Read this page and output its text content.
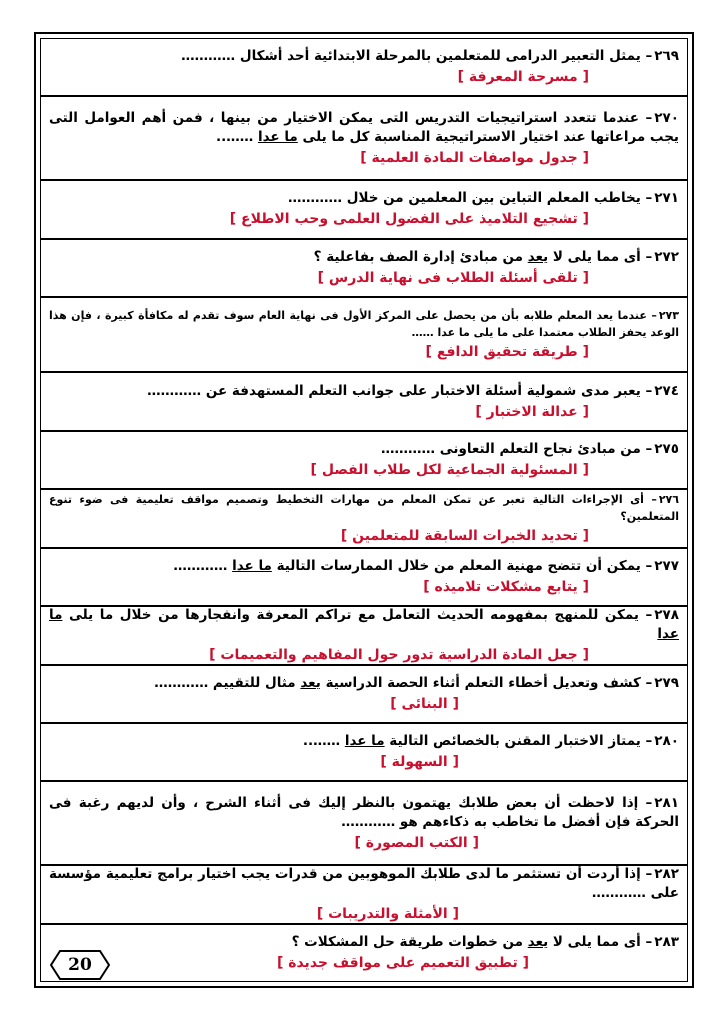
٢٦٩– يمثل التعبير الدرامى للمتعلمين بالمرحلة الابتدائية أحد أشكال …………
[ مسرحة المعرفة ]
٢٧٠– عندما تتعدد استراتيجيات التدريس التى يمكن الاختيار من بينها ، فمن أهم العوامل التى يجب مراعاتها عند اختيار الاستراتيجية المناسبة كل ما يلى ما عدا ……..
[ جدول مواصفات المادة العلمية ]
٢٧١– يخاطب المعلم التباين بين المعلمين من خلال …………
[ تشجيع التلاميذ على الفضول العلمى وحب الاطلاع ]
٢٧٢– أى مما يلى لا يعد من مبادئ إدارة الصف بفاعلية ؟
[ تلقى أسئلة الطلاب فى نهاية الدرس ]
٢٧٣– عندما يعد المعلم طلابه بأن من يحصل على المركز الأول فى نهاية العام سوف تقدم له مكافأة كبيرة ، فإن هذا الوعد يحفز الطلاب معتمدا على ما يلى ما عدا ……
[ طريقة تحقيق الدافع ]
٢٧٤– يعبر مدى شمولية أسئلة الاختبار على جوانب التعلم المستهدفة عن …………
[ عدالة الاختبار ]
٢٧٥– من مبادئ نجاح التعلم التعاونى …………
[ المسئولية الجماعية لكل طلاب الفصل ]
٢٧٦– أى الإجراءات التالية تعبر عن تمكن المعلم من مهارات التخطيط وتصميم مواقف تعليمية فى ضوء تنوع المتعلمين؟
[ تحديد الخبرات السابقة للمتعلمين ]
٢٧٧– يمكن أن تتضح مهنية المعلم من خلال الممارسات التالية ما عدا …………
[ يتابع مشكلات تلاميذه ]
٢٧٨– يمكن للمنهج بمفهومه الحديث التعامل مع تراكم المعرفة وانفجارها من خلال ما يلى ما عدا
[ جعل المادة الدراسية تدور حول المفاهيم والتعميمات ]
٢٧٩– كشف وتعديل أخطاء التعلم أثناء الحصة الدراسية يعد مثال للتقييم …………
[ البنائى ]
٢٨٠– يمتاز الاختبار المقنن بالخصائص التالية ما عدا ……..
[ السهولة ]
٢٨١– إذا لاحظت أن بعض طلابك يهتمون بالنظر إليك فى أثناء الشرح ، وأن لديهم رغبة فى الحركة فإن أفضل ما تخاطب به ذكاءهم هو …………
[ الكتب المصورة ]
٢٨٢– إذا أردت أن تستثمر ما لدى طلابك الموهوبين من قدرات يجب اختيار برامج تعليمية مؤسسة على …………
[ الأمثلة والتدريبات ]
٢٨٣– أى مما يلى لا يعد من خطوات طريقة حل المشكلات ؟
[ تطبيق التعميم على مواقف جديدة ]
20
